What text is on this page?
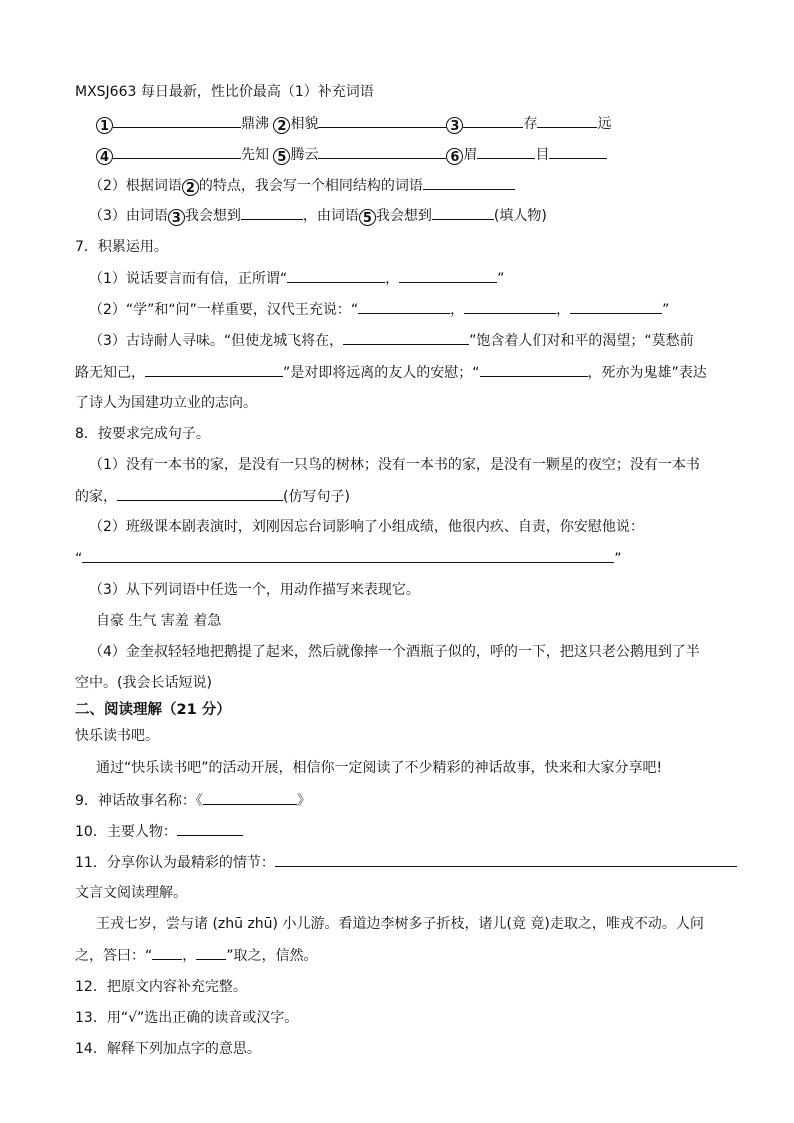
MXSJ663 每日最新，性比价最高（1）补充词语
1	鼎沸 2 相貌	3	存	远
4	先知 5 腾云	6 眉	目
（2）根据词语 2 的特点，我会写一个相同结构的词语
（3）由词语 3 我会想到	，由词语 5 我会想到	(填人物)
7．积累运用。
（1）说话要言而有信，正所谓“	，	”
（2）“学”和“问”一样重要，汉代王充说：“	，	，	”
（3）古诗耐人寻味。“但使龙城飞将在，	”饱含着人们对和平的渴望；“莫愁前
路无知己，	”是对即将远离的友人的安慰；“	，死亦为鬼雄”表达
了诗人为国建功立业的志向。
8．按要求完成句子。
（1）没有一本书的家，是没有一只鸟的树林；没有一本书的家，是没有一颗星的夜空；没有一本书
的家，	(仿写句子)
（2）班级课本剧表演时，刘刚因忘台词影响了小组成绩，他很内疚、自责，你安慰他说：
“	”
（3）从下列词语中任选一个，用动作描写来表现它。
自豪 生气 害羞 着急
（4）金奎叔轻轻地把鹅提了起来，然后就像摔一个酒瓶子似的，呼的一下，把这只老公鹅甩到了半
空中。(我会长话短说)
二、阅读理解（21 分）
快乐读书吧。
通过“快乐读书吧”的活动开展，相信你一定阅读了不少精彩的神话故事，快来和大家分享吧!
9．神话故事名称：《	》
10．主要人物：
11．分享你认为最精彩的情节：
文言文阅读理解。
王戎七岁，尝与诸 (zhū zhū) 小儿游。看道边李树多子折枝，诸儿(竟 竟)走取之，唯戎不动。人问
之，答曰：“ ， ”取之，信然。
12．把原文内容补充完整。
13．用“√”选出正确的读音或汉字。
14．解释下列加点字的意思。
